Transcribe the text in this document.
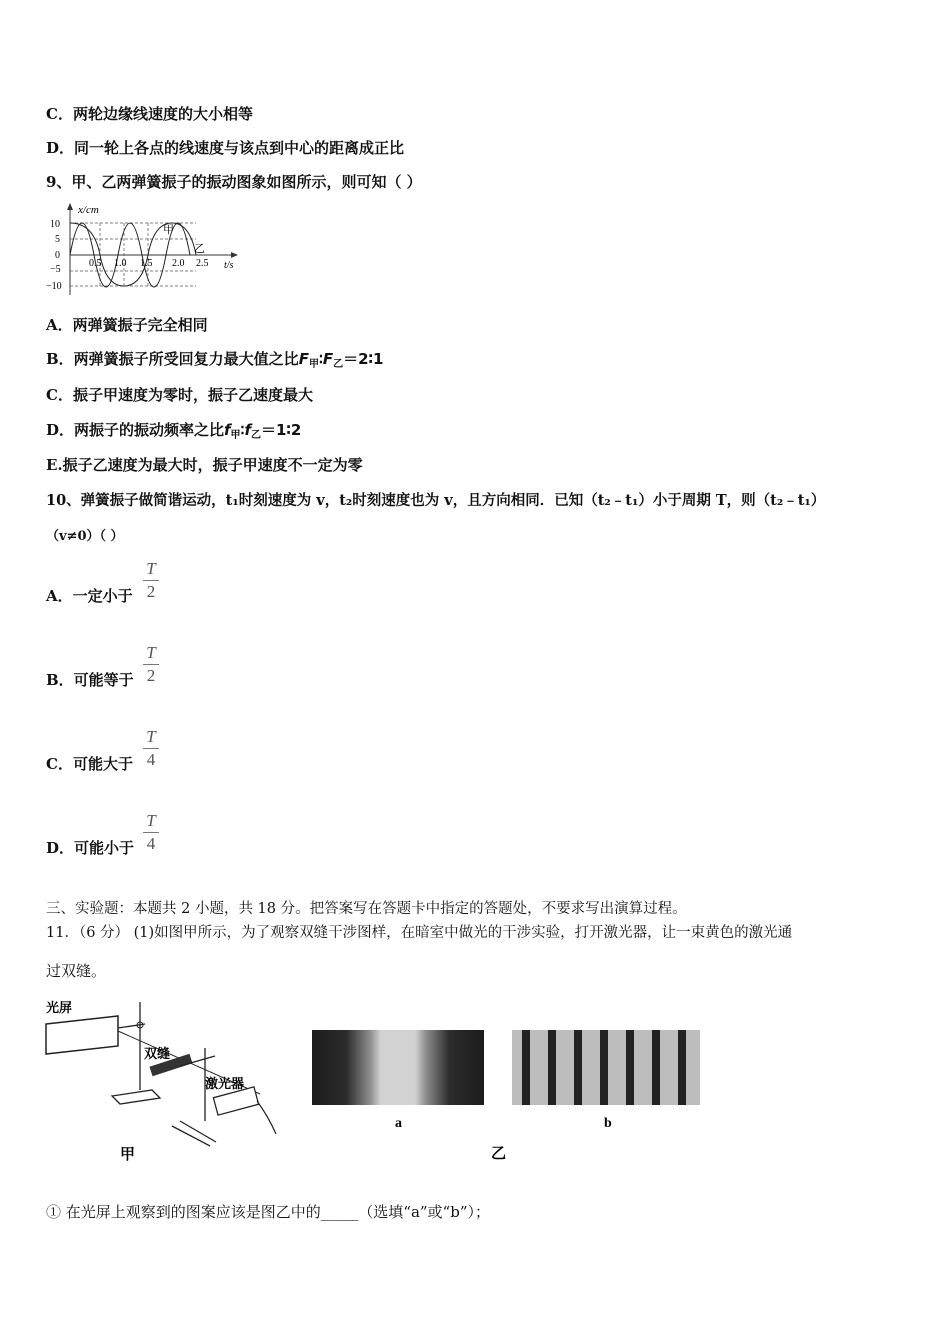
C．两轮边缘线速度的大小相等
D．同一轮上各点的线速度与该点到中心的距离成正比
9、甲、乙两弹簧振子的振动图象如图所示，则可知（ ）
x/cm
t/s
10
5
0
−5
−10
0.5 1.0 1.5 2.0 2.5
甲
乙
A．两弹簧振子完全相同
B．两弹簧振子所受回复力最大值之比$F_甲∶F_乙=2∶1$
C．振子甲速度为零时，振子乙速度最大
D．两振子的振动频率之比$f_甲∶f_乙=1∶2$
E.振子乙速度为最大时，振子甲速度不一定为零
10、弹簧振子做简谐运动，t₁时刻速度为 v，t₂时刻速度也为 v，且方向相同．已知（t₂﹣t₁）小于周期 T，则（t₂﹣t₁）
（v≠0）（ ）
A．一定小于
T
2
B．可能等于
T
2
C．可能大于
T
4
D．可能小于
T
4
三、实验题：本题共 2 小题，共 18 分。把答案写在答题卡中指定的答题处，不要求写出演算过程。
11．（6 分） (1)如图甲所示，为了观察双缝干涉图样，在暗室中做光的干涉实验，打开激光器，让一束黄色的激光通
过双缝。
光屏
双缝
激光器
甲
a	b
乙
① 在光屏上观察到的图案应该是图乙中的_____（选填“a”或“b”）；
